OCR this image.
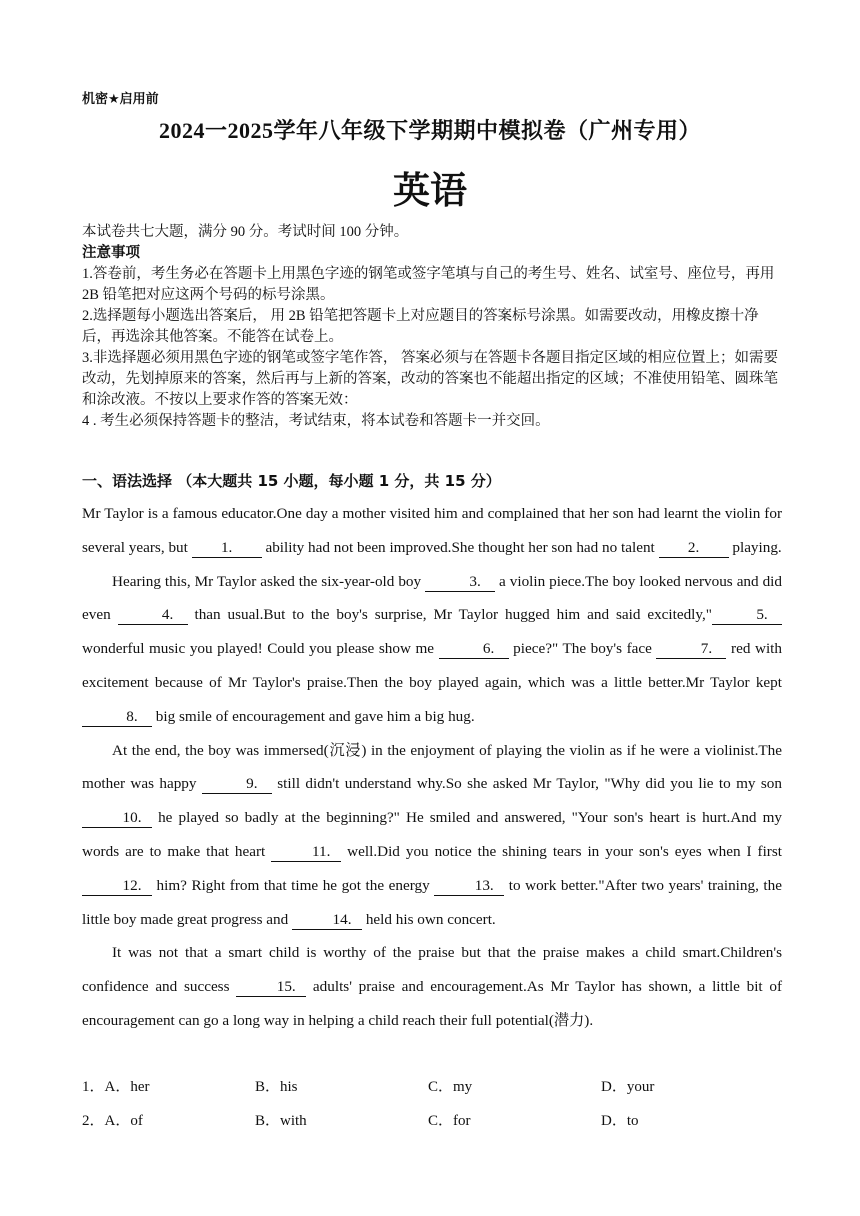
机密★启用前
2024一2025学年八年级下学期期中模拟卷（广州专用）
英语

本试卷共七大题，满分 90 分。考试时间 100 分钟。

注意事项

1.答卷前，考生务必在答题卡上用黑色字迹的钢笔或签字笔填与自己的考生号、姓名、试室号、座位号，再用 2B 铅笔把对应这两个号码的标号涂黑。

2.选择题每小题选出答案后， 用 2B 铅笔把答题卡上对应题目的答案标号涂黑。如需要改动，用橡皮擦十净后，再选涂其他答案。不能答在试卷上。

3.非选择题必须用黑色字迹的钢笔或签字笔作答， 答案必须与在答题卡各题目指定区域的相应位置上；如需要改动，先划掉原来的答案，然后再与上新的答案，改动的答案也不能超出指定的区域；不准使用铅笔、圆珠笔和涂改液。不按以上要求作答的答案无效：

4 . 考生必须保持答题卡的整洁，考试结束，将本试卷和答题卡一并交回。

一、语法选择 （本大题共 15 小题，每小题 1 分，共 15 分）

Mr Taylor is a famous educator.One day a mother visited him and complained that her son had learnt the violin for several years, but 1. ability had not been improved.She thought her son had no talent 2. playing.

Hearing this, Mr Taylor asked the six-year-old boy	3. a violin piece.The boy looked nervous and did even	4. than usual.But to the boy's surprise, Mr Taylor hugged him and said excitedly,"	5. wonderful music you played! Could you please show me	6. piece?" The boy's face	7. red with excitement because of Mr Taylor's praise.Then the boy played again, which was a little better.Mr Taylor kept 8. big smile of encouragement and gave him a big hug.

At the end, the boy was immersed(沉浸) in the enjoyment of playing the violin as if he were a violinist.The mother was happy	9. still didn't understand why.So she asked Mr Taylor, "Why did you lie to my son 10. he played so badly at the beginning?" He smiled and answered, "Your son's heart is hurt.And my words are to make that heart	11. well.Did you notice the shining tears in your son's eyes when I first 12. him? Right from that time he got the energy	13. to work better."After two years' training, the little boy made great progress and	14. held his own concert.

It was not that a smart child is worthy of the praise but that the praise makes a child smart.Children's confidence and success	15. adults' praise and encouragement.As Mr Taylor has shown, a little bit of encouragement can go a long way in helping a child reach their full potential(潜力).

1．A．her	B．his	C．my	D．your
2．A．of	B．with	C．for	D．to
